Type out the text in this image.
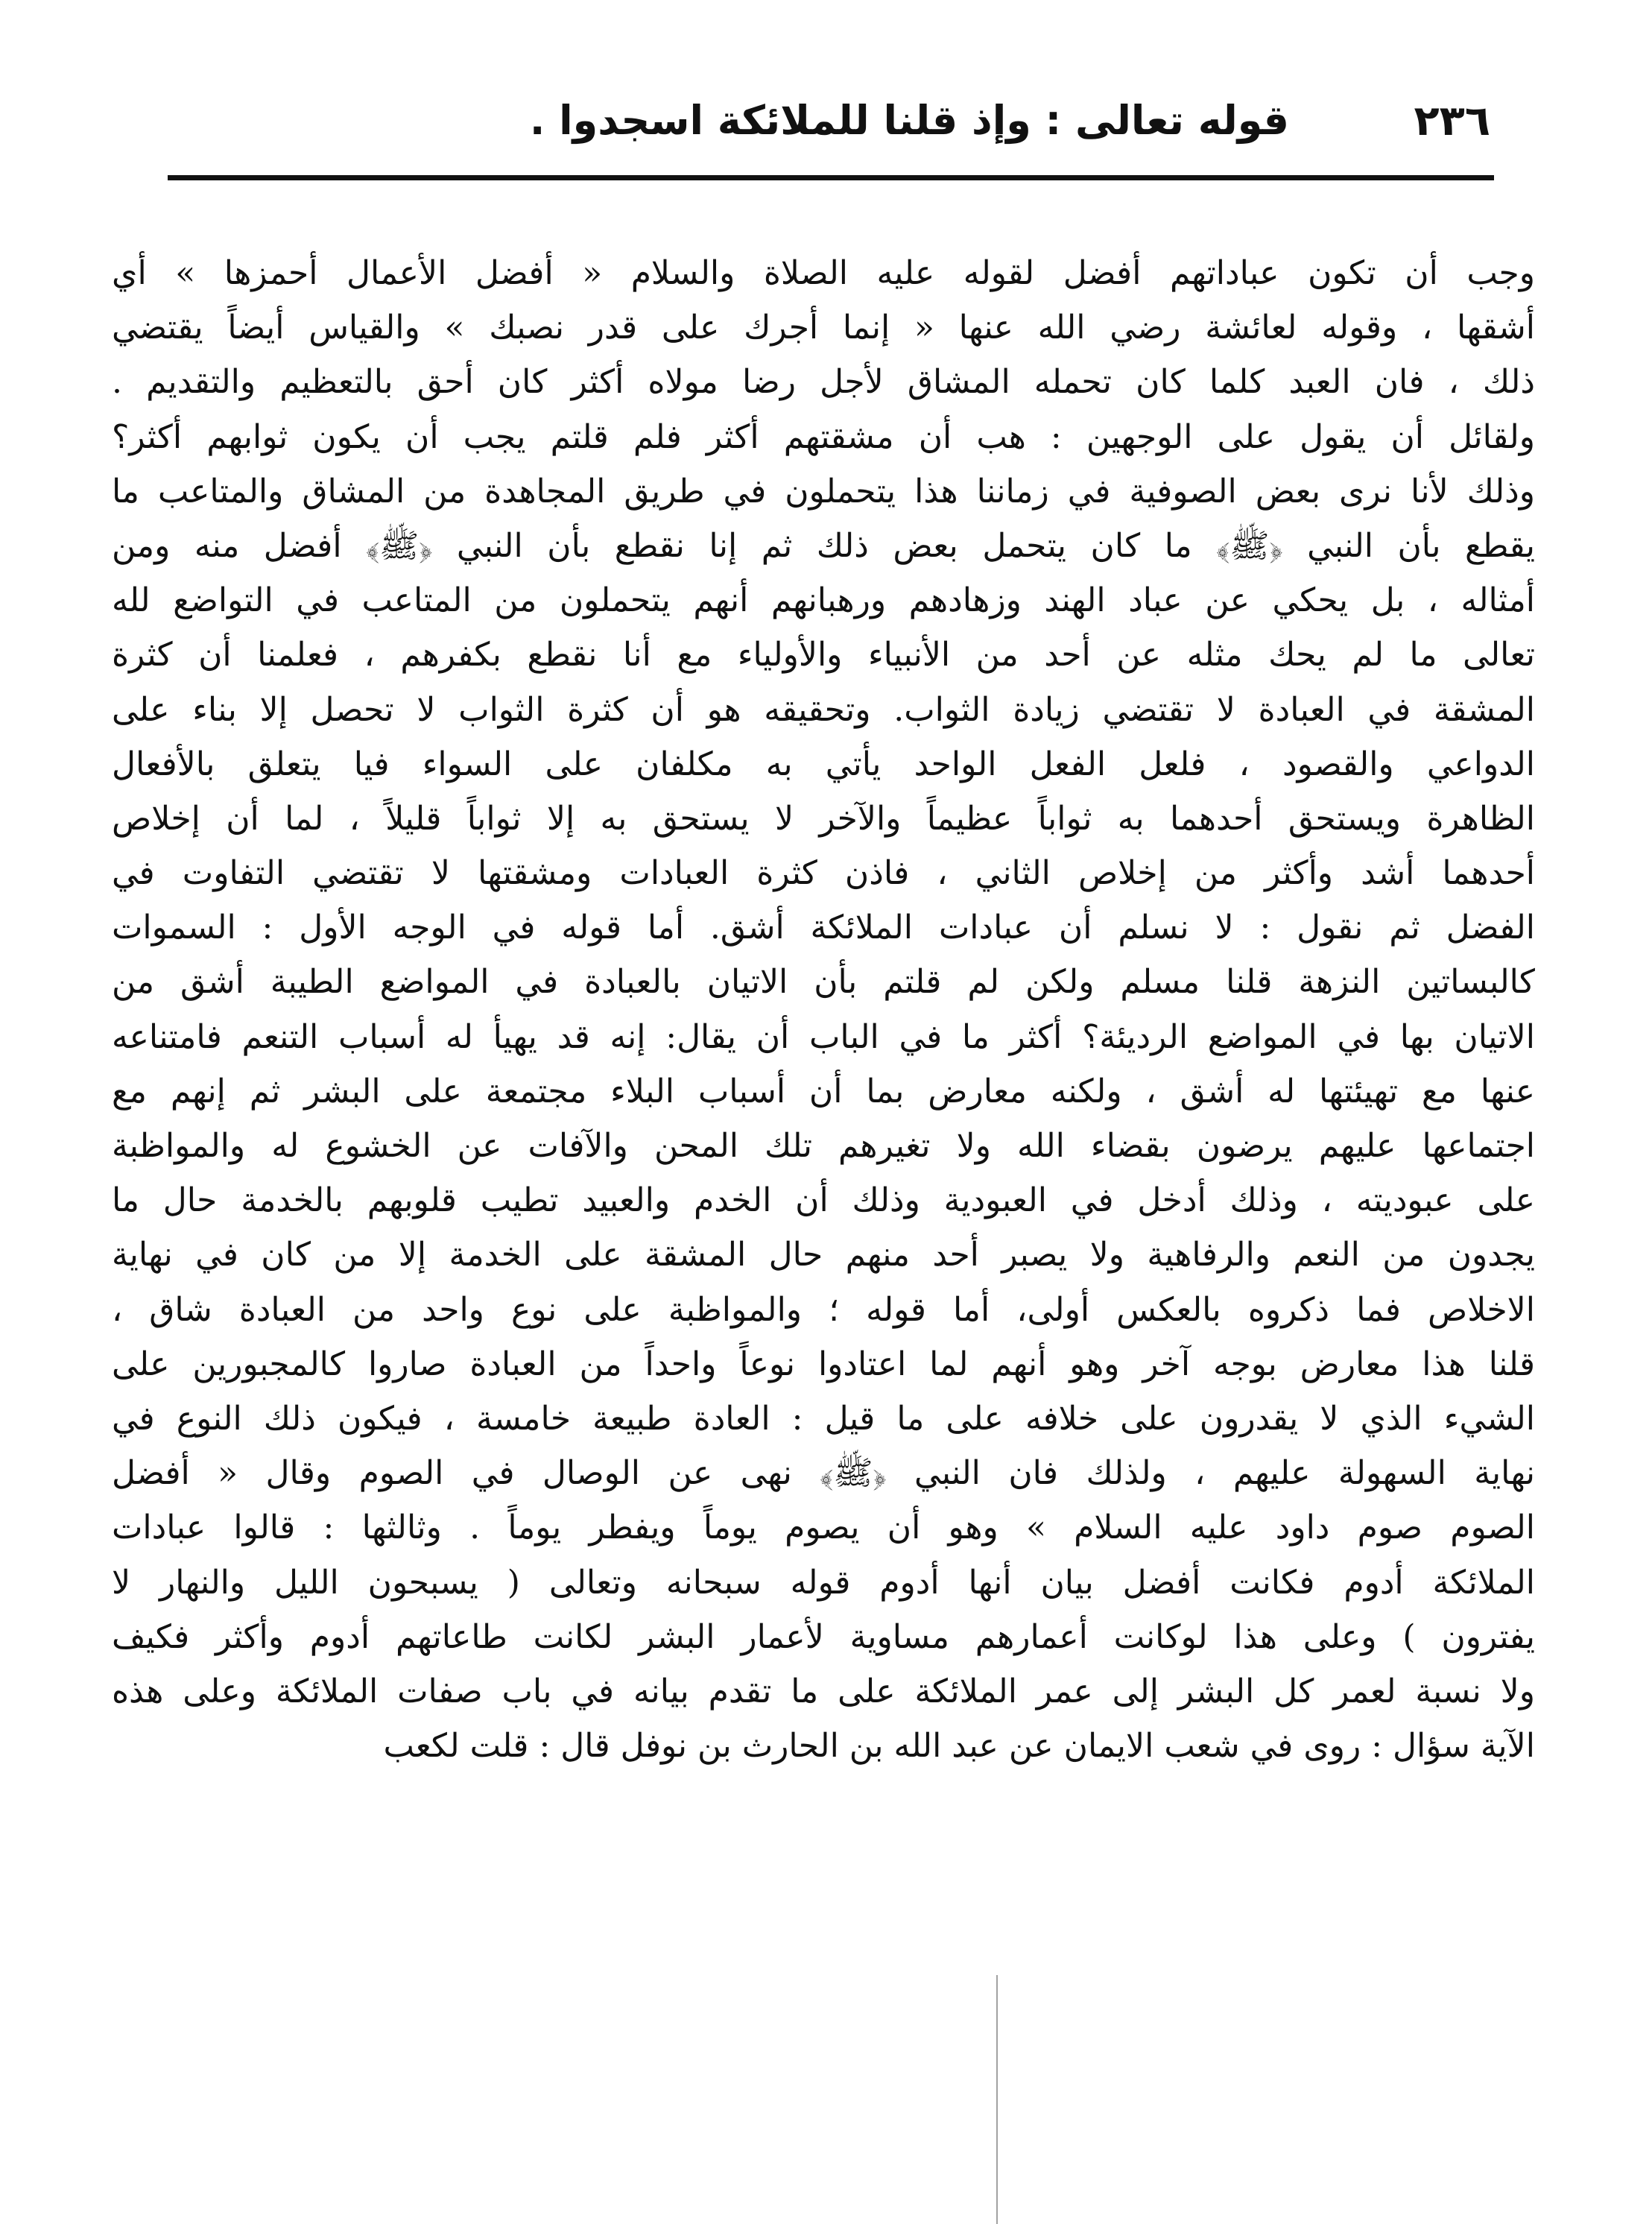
٢٣٦
قوله تعالى : وإذ قلنا للملائكة اسجدوا .
وجب أن تكون عباداتهم أفضل لقوله عليه الصلاة والسلام « أفضل الأعمال أحمزها » أي
أشقها ، وقوله لعائشة رضي الله عنها « إنما أجرك على قدر نصبك » والقياس أيضاً يقتضي
ذلك ، فان العبد كلما كان تحمله المشاق لأجل رضا مولاه أكثر كان أحق بالتعظيم والتقديم .
ولقائل أن يقول على الوجهين : هب أن مشقتهم أكثر فلم قلتم يجب أن يكون ثوابهم أكثر؟
وذلك لأنا نرى بعض الصوفية في زماننا هذا يتحملون في طريق المجاهدة من المشاق والمتاعب ما
يقطع بأن النبي ﴿ﷺ﴾ ما كان يتحمل بعض ذلك ثم إنا نقطع بأن النبي ﴿ﷺ﴾ أفضل منه ومن
أمثاله ، بل يحكي عن عباد الهند وزهادهم ورهبانهم أنهم يتحملون من المتاعب في التواضع لله
تعالى ما لم يحك مثله عن أحد من الأنبياء والأولياء مع أنا نقطع بكفرهم ، فعلمنا أن كثرة
المشقة في العبادة لا تقتضي زيادة الثواب. وتحقيقه هو أن كثرة الثواب لا تحصل إلا بناء على
الدواعي والقصود ، فلعل الفعل الواحد يأتي به مكلفان على السواء فيا يتعلق بالأفعال
الظاهرة ويستحق أحدهما به ثواباً عظيماً والآخر لا يستحق به إلا ثواباً قليلاً ، لما أن إخلاص
أحدهما أشد وأكثر من إخلاص الثاني ، فاذن كثرة العبادات ومشقتها لا تقتضي التفاوت في
الفضل ثم نقول : لا نسلم أن عبادات الملائكة أشق. أما قوله في الوجه الأول : السموات
كالبساتين النزهة قلنا مسلم ولكن لم قلتم بأن الاتيان بالعبادة في المواضع الطيبة أشق من
الاتيان بها في المواضع الرديئة؟ أكثر ما في الباب أن يقال: إنه قد يهيأ له أسباب التنعم فامتناعه
عنها مع تهيئتها له أشق ، ولكنه معارض بما أن أسباب البلاء مجتمعة على البشر ثم إنهم مع
اجتماعها عليهم يرضون بقضاء الله ولا تغيرهم تلك المحن والآفات عن الخشوع له والمواظبة
على عبوديته ، وذلك أدخل في العبودية وذلك أن الخدم والعبيد تطيب قلوبهم بالخدمة حال ما
يجدون من النعم والرفاهية ولا يصبر أحد منهم حال المشقة على الخدمة إلا من كان في نهاية
الاخلاص فما ذكروه بالعكس أولى، أما قوله ؛ والمواظبة على نوع واحد من العبادة شاق ،
قلنا هذا معارض بوجه آخر وهو أنهم لما اعتادوا نوعاً واحداً من العبادة صاروا كالمجبورين على
الشيء الذي لا يقدرون على خلافه على ما قيل : العادة طبيعة خامسة ، فيكون ذلك النوع في
نهاية السهولة عليهم ، ولذلك فان النبي ﴿ﷺ﴾ نهى عن الوصال في الصوم وقال « أفضل
الصوم صوم داود عليه السلام » وهو أن يصوم يوماً ويفطر يوماً . وثالثها : قالوا عبادات
الملائكة أدوم فكانت أفضل بيان أنها أدوم قوله سبحانه وتعالى ( يسبحون الليل والنهار لا
يفترون ) وعلى هذا لوكانت أعمارهم مساوية لأعمار البشر لكانت طاعاتهم أدوم وأكثر فكيف
ولا نسبة لعمر كل البشر إلى عمر الملائكة على ما تقدم بيانه في باب صفات الملائكة وعلى هذه
الآية سؤال : روى في شعب الايمان عن عبد الله بن الحارث بن نوفل قال : قلت لكعب
